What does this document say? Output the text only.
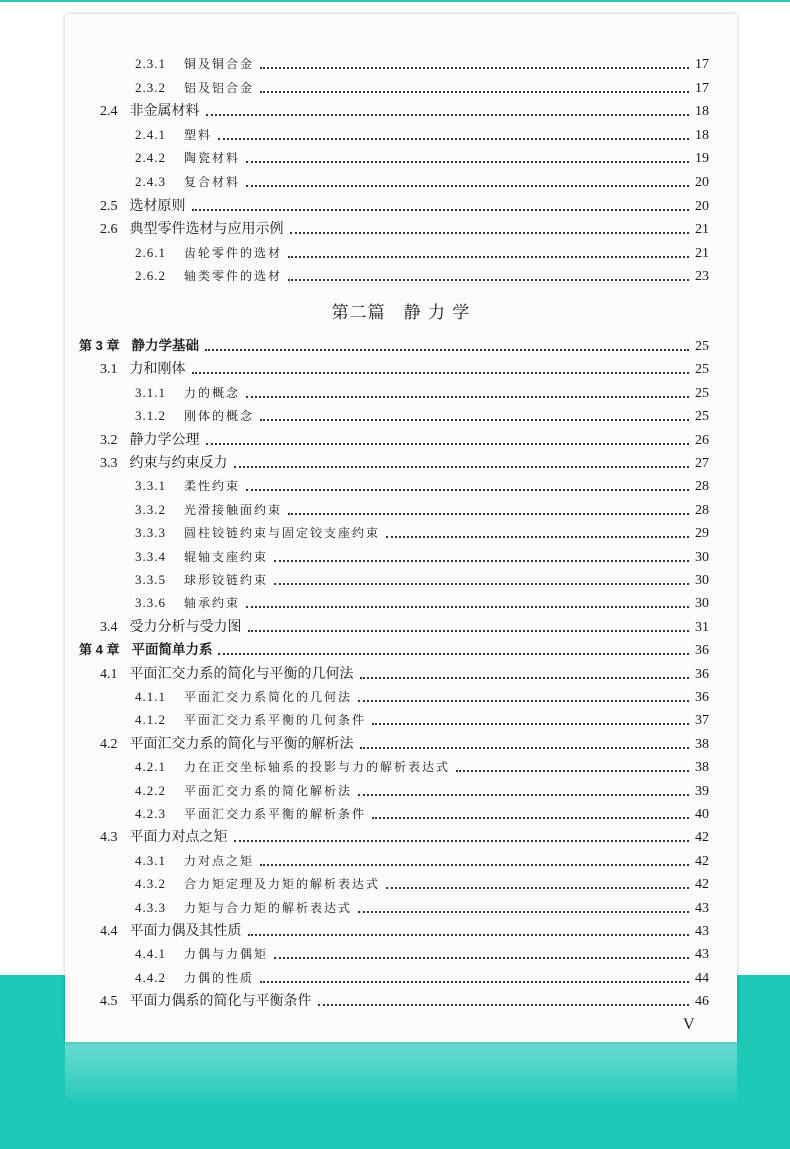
2.3.1 铜及铜合金	17
2.3.2 铝及铝合金	17
2.4 非金属材料	18
2.4.1 塑料	18
2.4.2 陶瓷材料	19
2.4.3 复合材料	20
2.5 选材原则	20
2.6 典型零件选材与应用示例	21
2.6.1 齿轮零件的选材	21
2.6.2 轴类零件的选材	23
第 3 章 静力学基础	25
3.1 力和刚体	25
3.1.1 力的概念	25
3.1.2 刚体的概念	25
3.2 静力学公理	26
3.3 约束与约束反力	27
3.3.1 柔性约束	28
3.3.2 光滑接触面约束	28
3.3.3 圆柱铰链约束与固定铰支座约束	29
3.3.4 辊轴支座约束	30
3.3.5 球形铰链约束	30
3.3.6 轴承约束	30
3.4 受力分析与受力图	31
第 4 章 平面简单力系	36
4.1 平面汇交力系的简化与平衡的几何法	36
4.1.1 平面汇交力系简化的几何法	36
4.1.2 平面汇交力系平衡的几何条件	37
4.2 平面汇交力系的简化与平衡的解析法	38
4.2.1 力在正交坐标轴系的投影与力的解析表达式	38
4.2.2 平面汇交力系的简化解析法	39
4.2.3 平面汇交力系平衡的解析条件	40
4.3 平面力对点之矩	42
4.3.1 力对点之矩	42
4.3.2 合力矩定理及力矩的解析表达式	42
4.3.3 力矩与合力矩的解析表达式	43
4.4 平面力偶及其性质	43
4.4.1 力偶与力偶矩	43
4.4.2 力偶的性质	44
4.5 平面力偶系的简化与平衡条件	46
第二篇　静 力 学
V
